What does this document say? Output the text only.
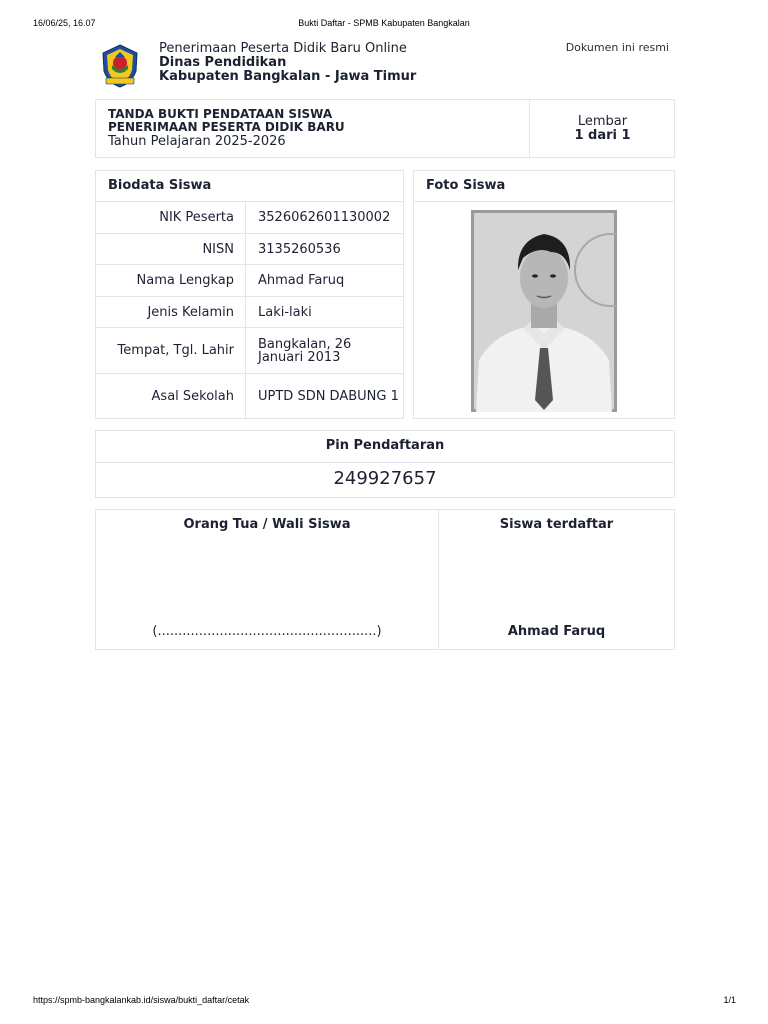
16/06/25, 16.07	Bukti Daftar - SPMB Kabupaten Bangkalan
Penerimaan Peserta Didik Baru Online
Dinas Pendidikan
Kabupaten Bangkalan - Jawa Timur
Dokumen ini resmi
TANDA BUKTI PENDATAAN SISWA
PENERIMAAN PESERTA DIDIK BARU
Tahun Pelajaran 2025-2026
Lembar
1 dari 1
Biodata Siswa
NIK Peserta	3526062601130002
NISN	3135260536
Nama Lengkap	Ahmad Faruq
Jenis Kelamin	Laki-laki
Tempat, Tgl. Lahir	Bangkalan, 26 Januari 2013
Asal Sekolah	UPTD SDN DABUNG 1
Foto Siswa
Pin Pendaftaran
249927657
Orang Tua / Wali Siswa
(.....................................................)
Siswa terdaftar
Ahmad Faruq
https://spmb-bangkalankab.id/siswa/bukti_daftar/cetak	1/1
